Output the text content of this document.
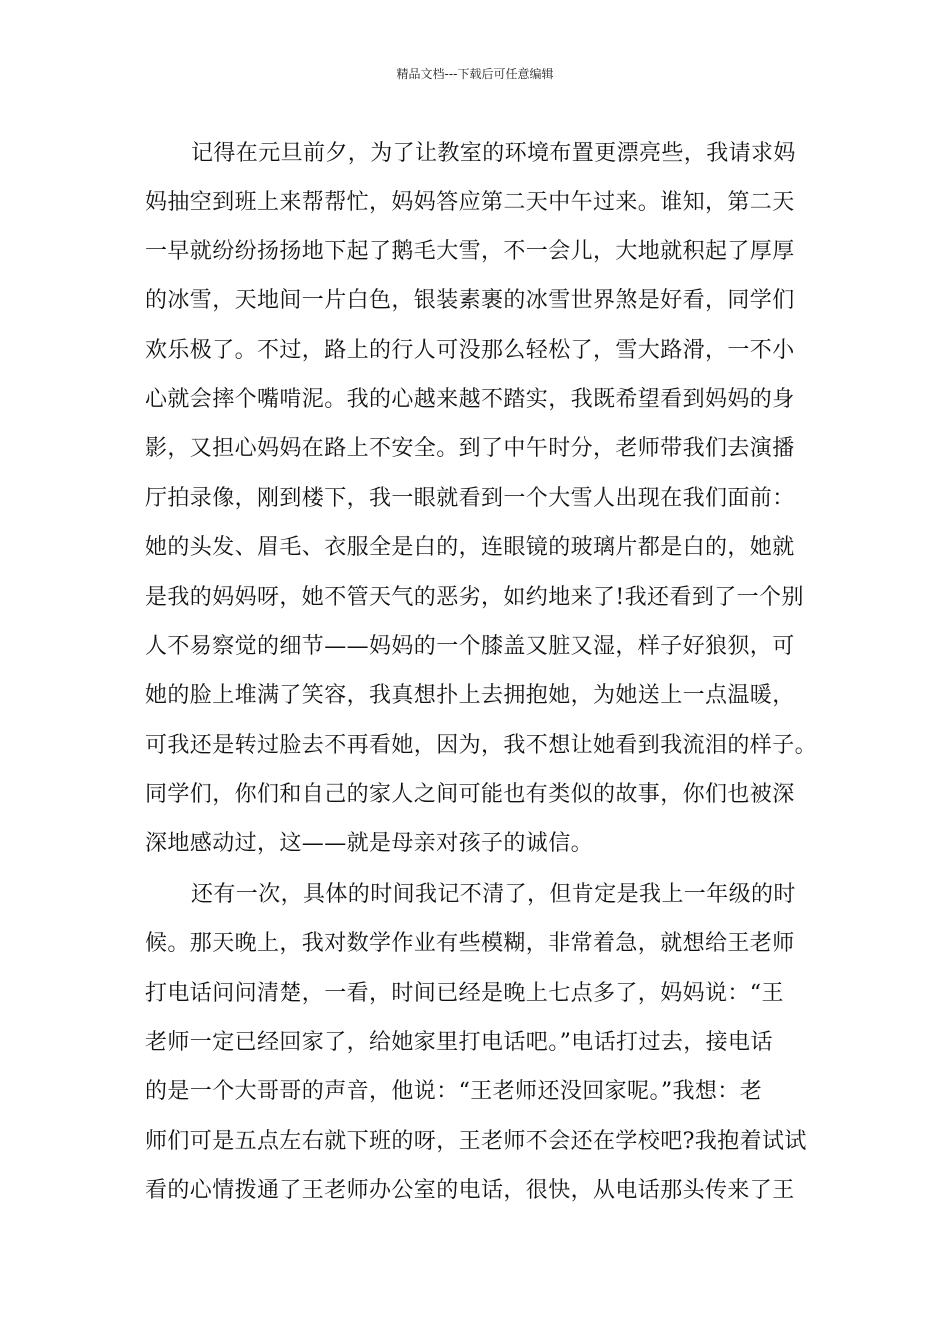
精品文档---下载后可任意编辑
记得在元旦前夕，为了让教室的环境布置更漂亮些，我请求妈
妈抽空到班上来帮帮忙，妈妈答应第二天中午过来。谁知，第二天
一早就纷纷扬扬地下起了鹅毛大雪，不一会儿，大地就积起了厚厚
的冰雪，天地间一片白色，银装素裹的冰雪世界煞是好看，同学们
欢乐极了。不过，路上的行人可没那么轻松了，雪大路滑，一不小
心就会摔个嘴啃泥。我的心越来越不踏实，我既希望看到妈妈的身
影，又担心妈妈在路上不安全。到了中午时分，老师带我们去演播
厅拍录像，刚到楼下，我一眼就看到一个大雪人出现在我们面前：
她的头发、眉毛、衣服全是白的，连眼镜的玻璃片都是白的，她就
是我的妈妈呀，她不管天气的恶劣，如约地来了!我还看到了一个别
人不易察觉的细节——妈妈的一个膝盖又脏又湿，样子好狼狈，可
她的脸上堆满了笑容，我真想扑上去拥抱她，为她送上一点温暖，
可我还是转过脸去不再看她，因为，我不想让她看到我流泪的样子。
同学们，你们和自己的家人之间可能也有类似的故事，你们也被深
深地感动过，这——就是母亲对孩子的诚信。
还有一次，具体的时间我记不清了，但肯定是我上一年级的时
候。那天晚上，我对数学作业有些模糊，非常着急，就想给王老师
打电话问问清楚，一看，时间已经是晚上七点多了，妈妈说：“王
老师一定已经回家了，给她家里打电话吧。”电话打过去，接电话
的是一个大哥哥的声音，他说：“王老师还没回家呢。”我想：老
师们可是五点左右就下班的呀，王老师不会还在学校吧?我抱着试试
看的心情拨通了王老师办公室的电话，很快，从电话那头传来了王
